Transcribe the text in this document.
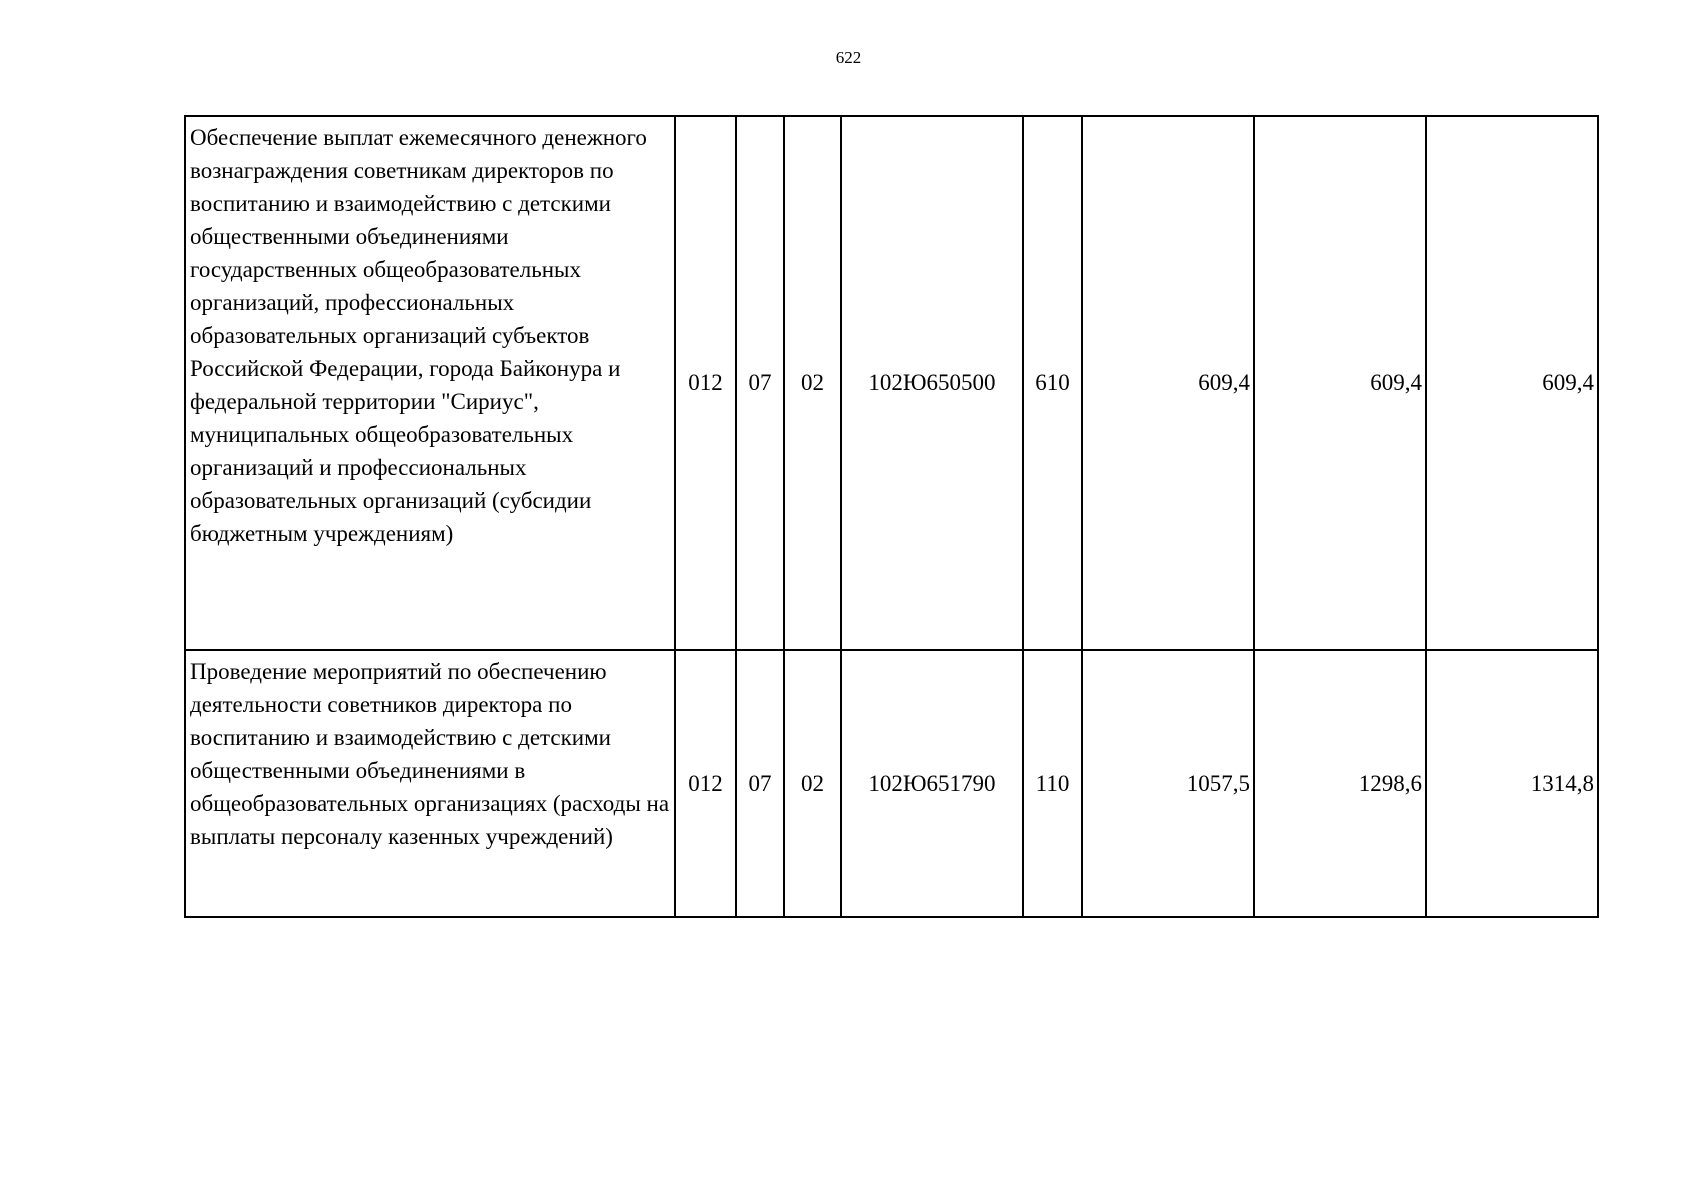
622
Обеспечение выплат ежемесячного денежного вознаграждения советникам директоров по воспитанию и взаимодействию с детскими общественными объединениями государственных общеобразовательных организаций, профессиональных образовательных организаций субъектов Российской Федерации, города Байконура и федеральной территории "Сириус", муниципальных общеобразовательных организаций и профессиональных образовательных организаций (субсидии бюджетным учреждениям)	012	07	02	102Ю650500	610	609,4	609,4	609,4
Проведение мероприятий по обеспечению деятельности советников директора по воспитанию и взаимодействию с детскими общественными объединениями в общеобразовательных организациях (расходы на выплаты персоналу казенных учреждений)	012	07	02	102Ю651790	110	1057,5	1298,6	1314,8
